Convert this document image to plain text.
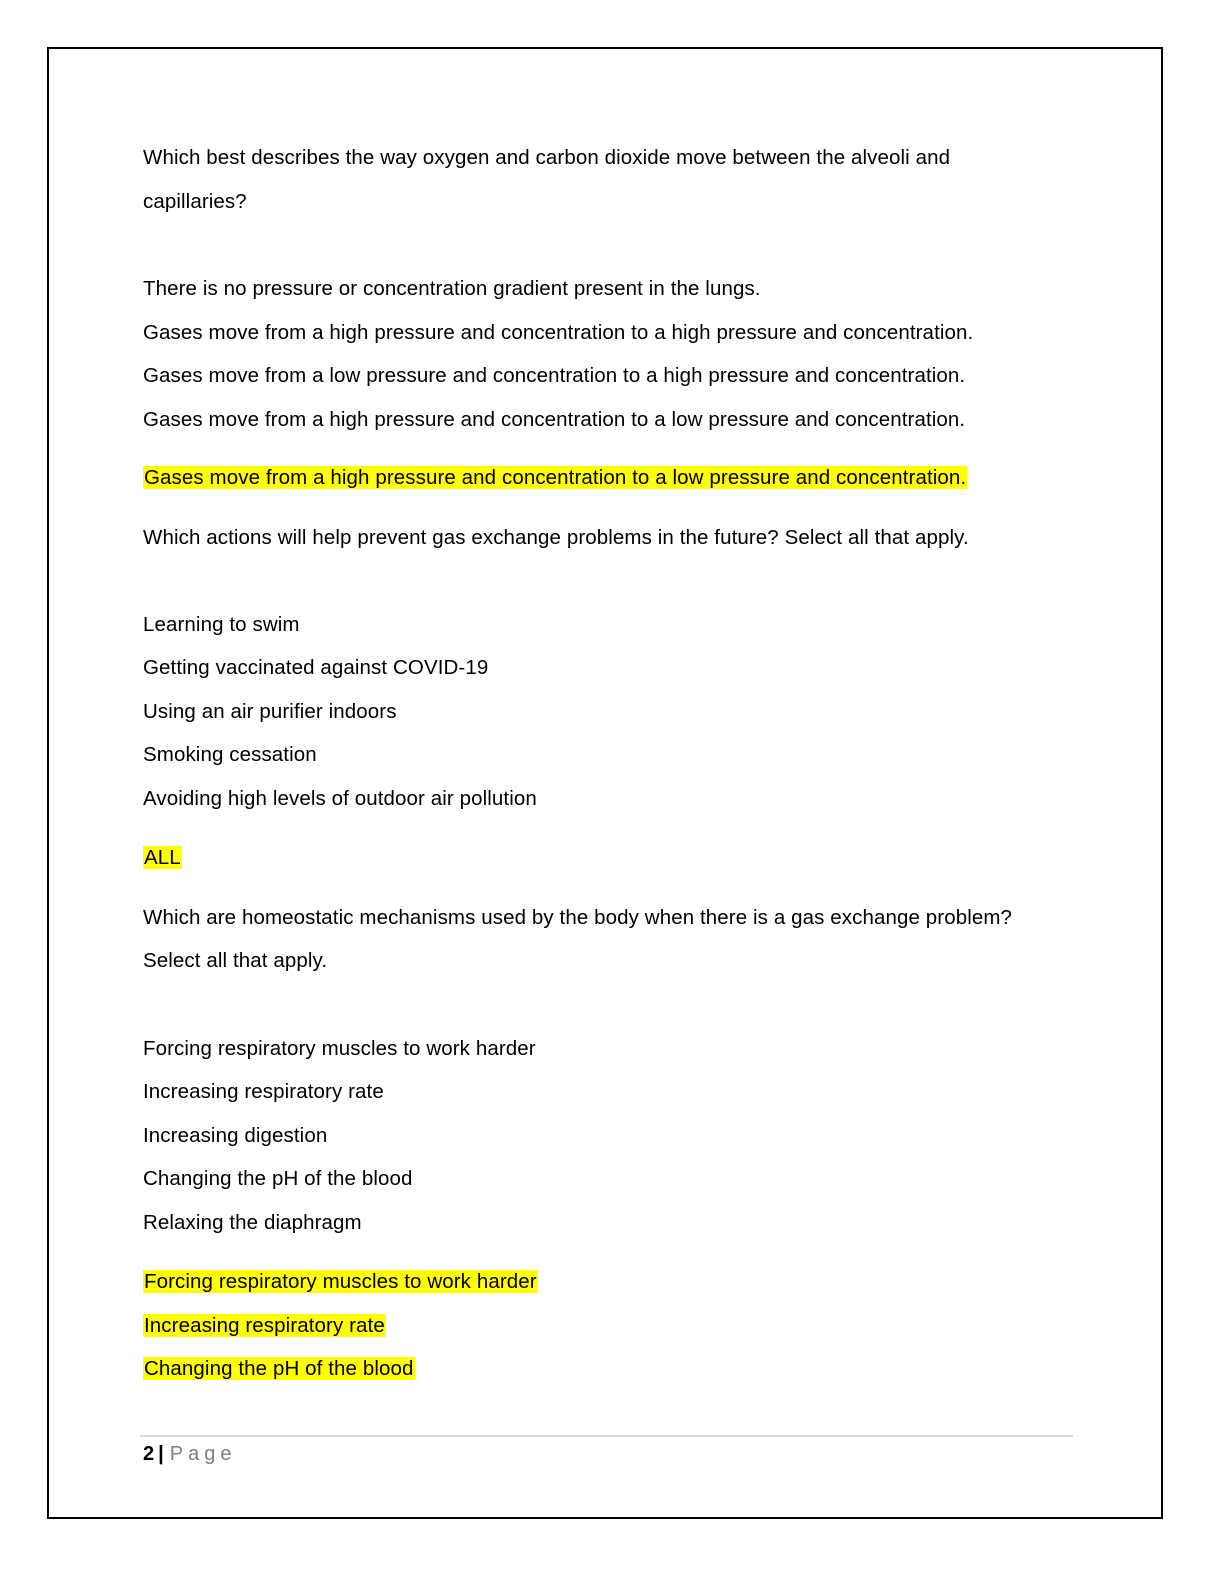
Which best describes the way oxygen and carbon dioxide move between the alveoli and
capillaries?
There is no pressure or concentration gradient present in the lungs.
Gases move from a high pressure and concentration to a high pressure and concentration.
Gases move from a low pressure and concentration to a high pressure and concentration.
Gases move from a high pressure and concentration to a low pressure and concentration.
Gases move from a high pressure and concentration to a low pressure and concentration.
Which actions will help prevent gas exchange problems in the future? Select all that apply.
Learning to swim
Getting vaccinated against COVID-19
Using an air purifier indoors
Smoking cessation
Avoiding high levels of outdoor air pollution
ALL
Which are homeostatic mechanisms used by the body when there is a gas exchange problem?
Select all that apply.
Forcing respiratory muscles to work harder
Increasing respiratory rate
Increasing digestion
Changing the pH of the blood
Relaxing the diaphragm
Forcing respiratory muscles to work harder
Increasing respiratory rate
Changing the pH of the blood
2 | Page
